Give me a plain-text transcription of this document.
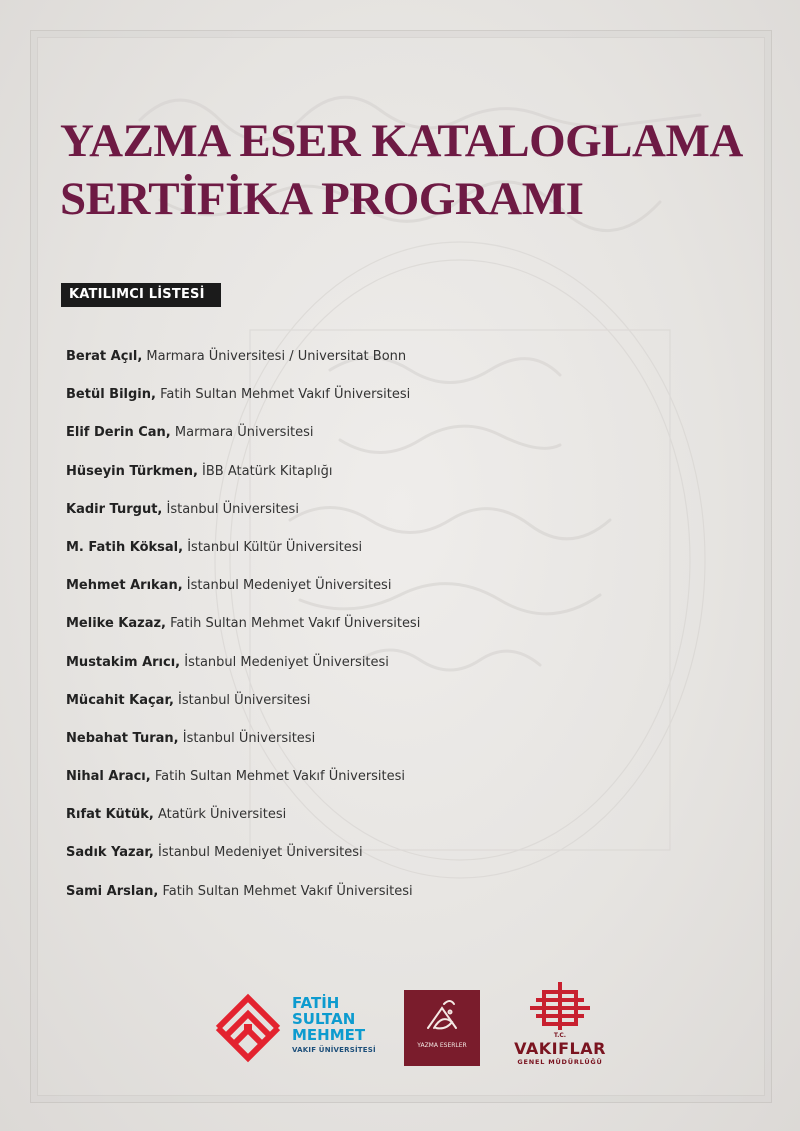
YAZMA ESER KATALOGLAMA
SERTİFİKA PROGRAMI
KATILIMCI LİSTESİ
Berat Açıl, Marmara Üniversitesi / Universitat Bonn
Betül Bilgin, Fatih Sultan Mehmet Vakıf Üniversitesi
Elif Derin Can, Marmara Üniversitesi
Hüseyin Türkmen, İBB Atatürk Kitaplığı
Kadir Turgut, İstanbul Üniversitesi
M. Fatih Köksal, İstanbul Kültür Üniversitesi
Mehmet Arıkan, İstanbul Medeniyet Üniversitesi
Melike Kazaz, Fatih Sultan Mehmet Vakıf Üniversitesi
Mustakim Arıcı, İstanbul Medeniyet Üniversitesi
Mücahit Kaçar, İstanbul Üniversitesi
Nebahat Turan, İstanbul Üniversitesi
Nihal Aracı, Fatih Sultan Mehmet Vakıf Üniversitesi
Rıfat Kütük, Atatürk Üniversitesi
Sadık Yazar, İstanbul Medeniyet Üniversitesi
Sami Arslan, Fatih Sultan Mehmet Vakıf Üniversitesi
FATİH
SULTAN
MEHMET
VAKIF ÜNİVERSİTESİ
YAZMA ESERLER
T.C.
VAKIFLAR
GENEL MÜDÜRLÜĞÜ
